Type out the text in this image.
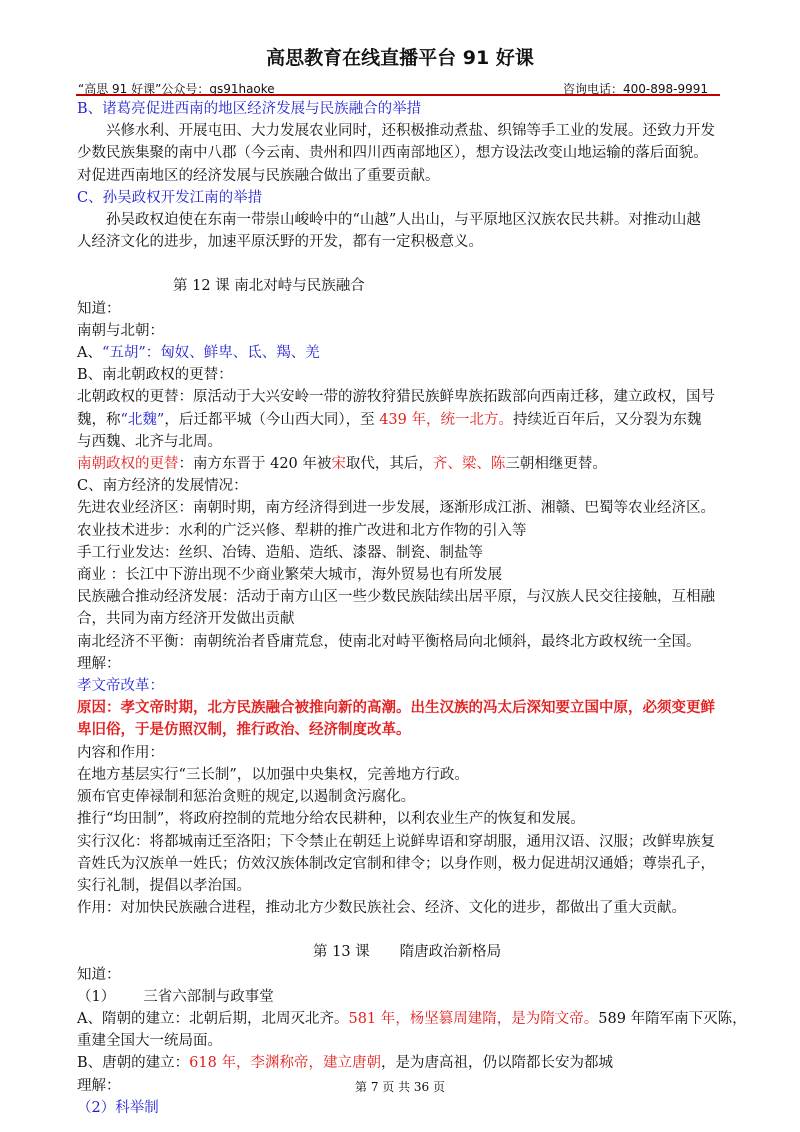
高思教育在线直播平台 91 好课
“高思 91 好课”公众号：gs91haoke	咨询电话：400-898-9991
B、诸葛亮促进西南的地区经济发展与民族融合的举措
兴修水利、开展屯田、大力发展农业同时，还积极推动煮盐、织锦等手工业的发展。还致力开发
少数民族集聚的南中八郡（今云南、贵州和四川西南部地区），想方设法改变山地运输的落后面貌。
对促进西南地区的经济发展与民族融合做出了重要贡献。
C、孙吴政权开发江南的举措
孙吴政权迫使在东南一带崇山峻岭中的“山越”人出山，与平原地区汉族农民共耕。对推动山越
人经济文化的进步，加速平原沃野的开发，都有一定积极意义。
第 12 课 南北对峙与民族融合
知道：
南朝与北朝：
A、“五胡”：匈奴、鲜卑、氐、羯、羌
B、南北朝政权的更替：
北朝政权的更替：原活动于大兴安岭一带的游牧狩猎民族鲜卑族拓跋部向西南迁移，建立政权，国号
魏，称“北魏”，后迁都平城（今山西大同），至 439 年，统一北方。持续近百年后，又分裂为东魏
与西魏、北齐与北周。
南朝政权的更替：南方东晋于 420 年被宋取代，其后，齐、梁、陈三朝相继更替。
C、南方经济的发展情况：
先进农业经济区：南朝时期，南方经济得到进一步发展，逐渐形成江浙、湘赣、巴蜀等农业经济区。
农业技术进步：水利的广泛兴修、犁耕的推广改进和北方作物的引入等
手工行业发达：丝织、冶铸、造船、造纸、漆器、制瓷、制盐等
商业 ：长江中下游出现不少商业繁荣大城市，海外贸易也有所发展
民族融合推动经济发展：活动于南方山区一些少数民族陆续出居平原，与汉族人民交往接触，互相融
合，共同为南方经济开发做出贡献
南北经济不平衡：南朝统治者昏庸荒怠，使南北对峙平衡格局向北倾斜，最终北方政权统一全国。
理解：
孝文帝改革：
原因：孝文帝时期，北方民族融合被推向新的高潮。出生汉族的冯太后深知要立国中原，必须变更鲜
卑旧俗，于是仿照汉制，推行政治、经济制度改革。
内容和作用：
在地方基层实行“三长制”，以加强中央集权，完善地方行政。
颁布官吏俸禄制和惩治贪赃的规定,以遏制贪污腐化。
推行“均田制”，将政府控制的荒地分给农民耕种，以利农业生产的恢复和发展。
实行汉化：将都城南迁至洛阳；下令禁止在朝廷上说鲜卑语和穿胡服，通用汉语、汉服；改鲜卑族复
音姓氏为汉族单一姓氏；仿效汉族体制改定官制和律令；以身作则，极力促进胡汉通婚；尊崇孔子，
实行礼制，提倡以孝治国。
作用：对加快民族融合进程，推动北方少数民族社会、经济、文化的进步，都做出了重大贡献。
第 13 课 隋唐政治新格局
知道：
（1） 三省六部制与政事堂
A、隋朝的建立：北朝后期，北周灭北齐。581 年，杨坚篡周建隋，是为隋文帝。589 年隋军南下灭陈，
重建全国大一统局面。
B、唐朝的建立：618 年，李渊称帝，建立唐朝，是为唐高祖，仍以隋都长安为都城
理解：
（2）科举制
第 7 页 共 36 页
